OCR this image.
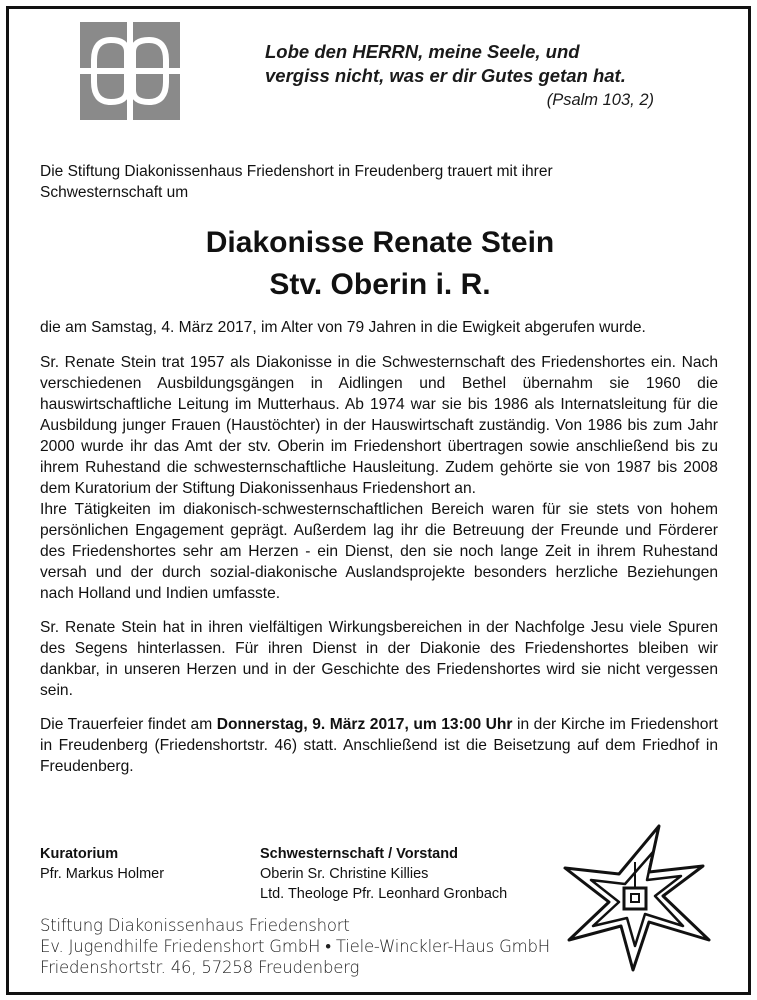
Lobe den HERRN, meine Seele, und
vergiss nicht, was er dir Gutes getan hat.
(Psalm 103, 2)
Die Stiftung Diakonissenhaus Friedenshort in Freudenberg trauert mit ihrer
Schwesternschaft um
Diakonisse Renate Stein
Stv. Oberin i. R.

die am Samstag, 4. März 2017, im Alter von 79 Jahren in die Ewigkeit abgerufen wurde.

Sr. Renate Stein trat 1957 als Diakonisse in die Schwesternschaft des Friedenshortes ein. Nach verschiedenen Ausbildungsgängen in Aidlingen und Bethel übernahm sie 1960 die hauswirtschaftliche Leitung im Mutterhaus. Ab 1974 war sie bis 1986 als Internatsleitung für die Ausbildung junger Frauen (Haustöchter) in der Hauswirtschaft zuständig. Von 1986 bis zum Jahr 2000 wurde ihr das Amt der stv. Oberin im Friedenshort übertragen sowie anschließend bis zu ihrem Ruhestand die schwesternschaftliche Hausleitung. Zudem gehörte sie von 1987 bis 2008 dem Kuratorium der Stiftung Diakonissenhaus Friedenshort an.

Ihre Tätigkeiten im diakonisch-schwesternschaftlichen Bereich waren für sie stets von hohem persönlichen Engagement geprägt. Außerdem lag ihr die Betreuung der Freunde und Förderer des Friedenshortes sehr am Herzen - ein Dienst, den sie noch lange Zeit in ihrem Ruhestand versah und der durch sozial-diakonische Auslandsprojekte besonders herzliche Beziehungen nach Holland und Indien umfasste.

Sr. Renate Stein hat in ihren vielfältigen Wirkungsbereichen in der Nachfolge Jesu viele Spuren des Segens hinterlassen. Für ihren Dienst in der Diakonie des Friedenshortes bleiben wir dankbar, in unseren Herzen und in der Geschichte des Friedenshortes wird sie nicht vergessen sein.

Die Trauerfeier findet am Donnerstag, 9. März 2017, um 13:00 Uhr in der Kirche im Friedenshort in Freudenberg (Friedenshortstr. 46) statt. Anschließend ist die Beisetzung auf dem Friedhof in Freudenberg.

Kuratorium
Pfr. Markus Holmer
Schwesternschaft / Vorstand
Oberin Sr. Christine Killies
Ltd. Theologe Pfr. Leonhard Gronbach
Stiftung Diakonissenhaus Friedenshort
Ev. Jugendhilfe Friedenshort GmbH • Tiele-Winckler-Haus GmbH
Friedenshortstr. 46, 57258 Freudenberg
